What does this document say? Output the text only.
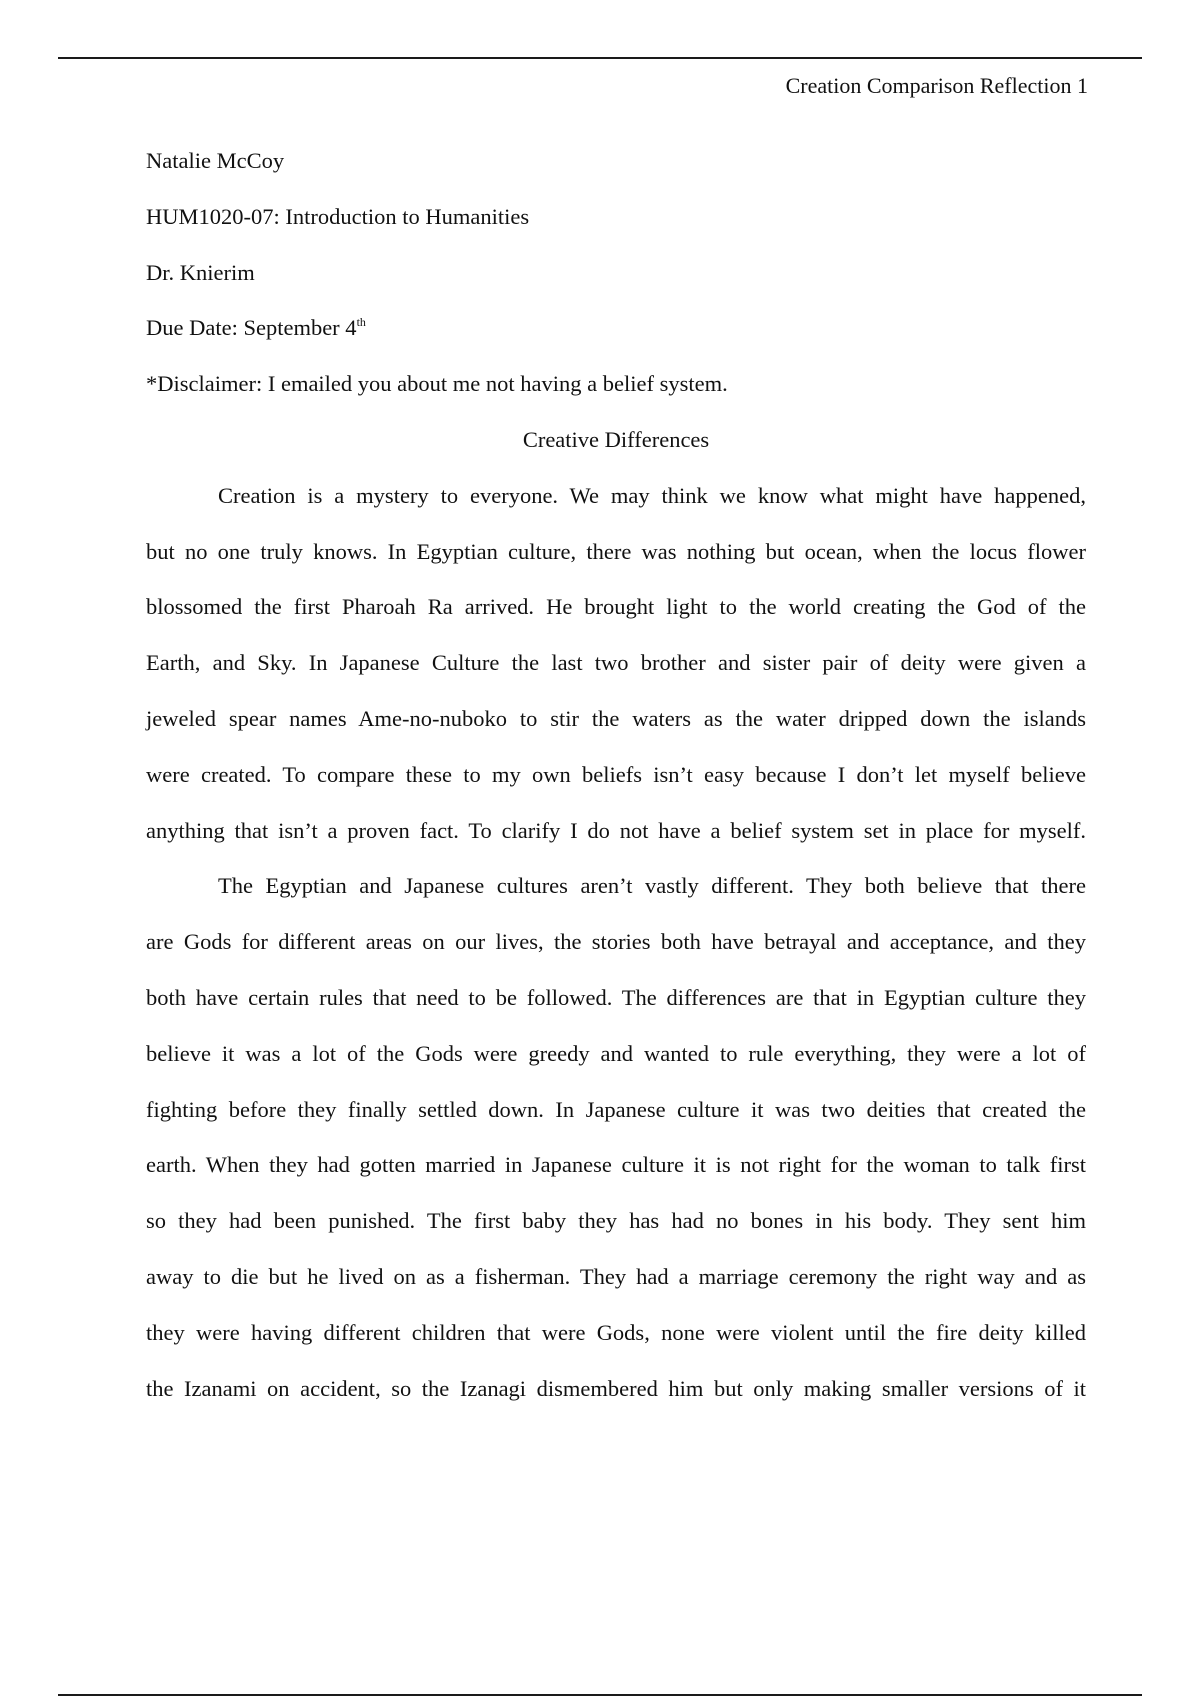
Creation Comparison Reflection 1
Natalie McCoy
HUM1020-07: Introduction to Humanities
Dr. Knierim
Due Date: September 4th
*Disclaimer: I emailed you about me not having a belief system.
Creative Differences
Creation is a mystery to everyone. We may think we know what might have happened,
but no one truly knows. In Egyptian culture, there was nothing but ocean, when the locus flower
blossomed the first Pharoah Ra arrived. He brought light to the world creating the God of the
Earth, and Sky. In Japanese Culture the last two brother and sister pair of deity were given a
jeweled spear names Ame-no-nuboko to stir the waters as the water dripped down the islands
were created. To compare these to my own beliefs isn’t easy because I don’t let myself believe
anything that isn’t a proven fact. To clarify I do not have a belief system set in place for myself.
The Egyptian and Japanese cultures aren’t vastly different. They both believe that there
are Gods for different areas on our lives, the stories both have betrayal and acceptance, and they
both have certain rules that need to be followed. The differences are that in Egyptian culture they
believe it was a lot of the Gods were greedy and wanted to rule everything, they were a lot of
fighting before they finally settled down. In Japanese culture it was two deities that created the
earth. When they had gotten married in Japanese culture it is not right for the woman to talk first
so they had been punished. The first baby they has had no bones in his body. They sent him
away to die but he lived on as a fisherman. They had a marriage ceremony the right way and as
they were having different children that were Gods, none were violent until the fire deity killed
the Izanami on accident, so the Izanagi dismembered him but only making smaller versions of it
